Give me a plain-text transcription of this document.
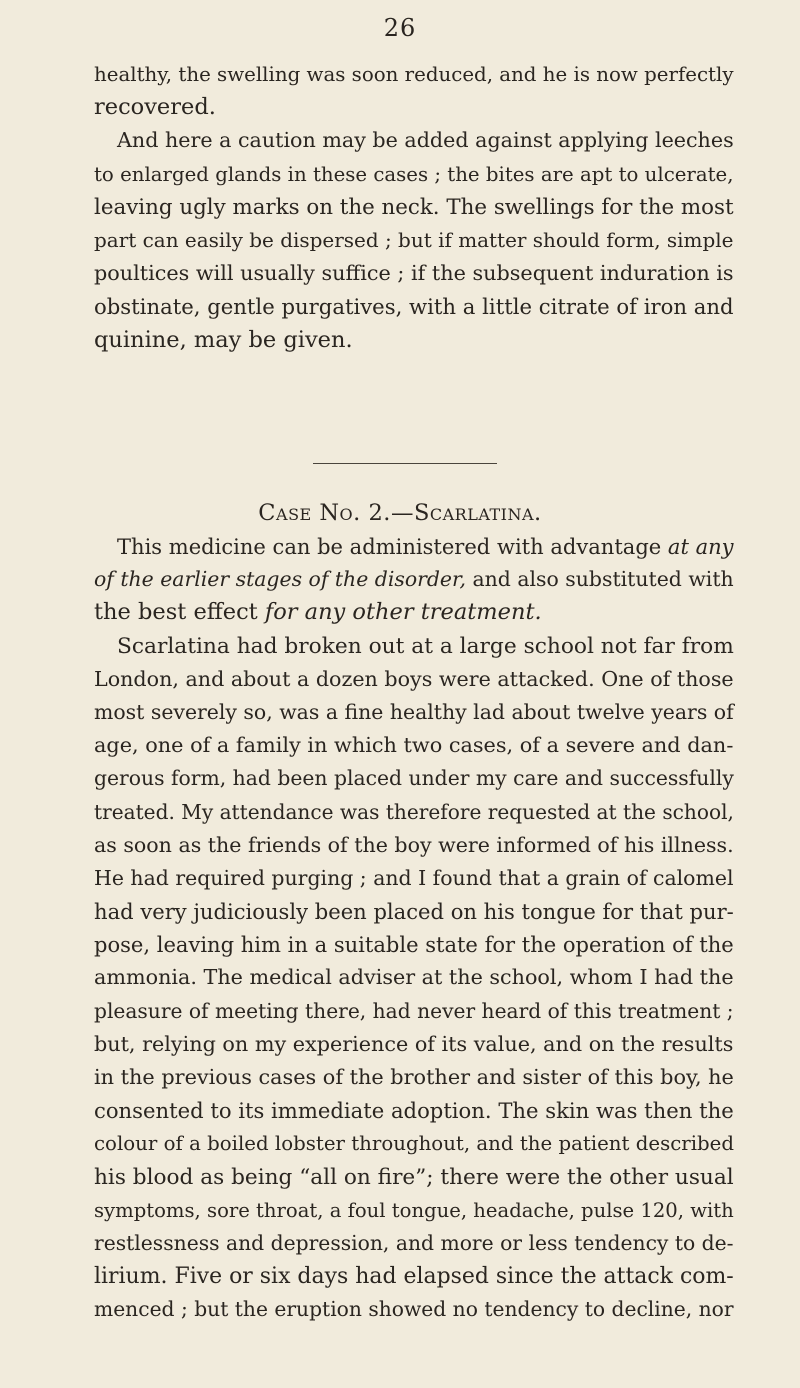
26
healthy, the swelling was soon reduced, and he is now perfectly
recovered.
And here a caution may be added against applying leeches
to enlarged glands in these cases ; the bites are apt to ulcerate,
leaving ugly marks on the neck. The swellings for the most
part can easily be dispersed ; but if matter should form, simple
poultices will usually suffice ; if the subsequent induration is
obstinate, gentle purgatives, with a little citrate of iron and
quinine, may be given.
Case No. 2.—Scarlatina.
This medicine can be administered with advantage at any
of the earlier stages of the disorder, and also substituted with
the best effect for any other treatment.
Scarlatina had broken out at a large school not far from
London, and about a dozen boys were attacked. One of those
most severely so, was a fine healthy lad about twelve years of
age, one of a family in which two cases, of a severe and dan-
gerous form, had been placed under my care and successfully
treated. My attendance was therefore requested at the school,
as soon as the friends of the boy were informed of his illness.
He had required purging ; and I found that a grain of calomel
had very judiciously been placed on his tongue for that pur-
pose, leaving him in a suitable state for the operation of the
ammonia. The medical adviser at the school, whom I had the
pleasure of meeting there, had never heard of this treatment ;
but, relying on my experience of its value, and on the results
in the previous cases of the brother and sister of this boy, he
consented to its immediate adoption. The skin was then the
colour of a boiled lobster throughout, and the patient described
his blood as being “all on fire”; there were the other usual
symptoms, sore throat, a foul tongue, headache, pulse 120, with
restlessness and depression, and more or less tendency to de-
lirium. Five or six days had elapsed since the attack com-
menced ; but the eruption showed no tendency to decline, nor
